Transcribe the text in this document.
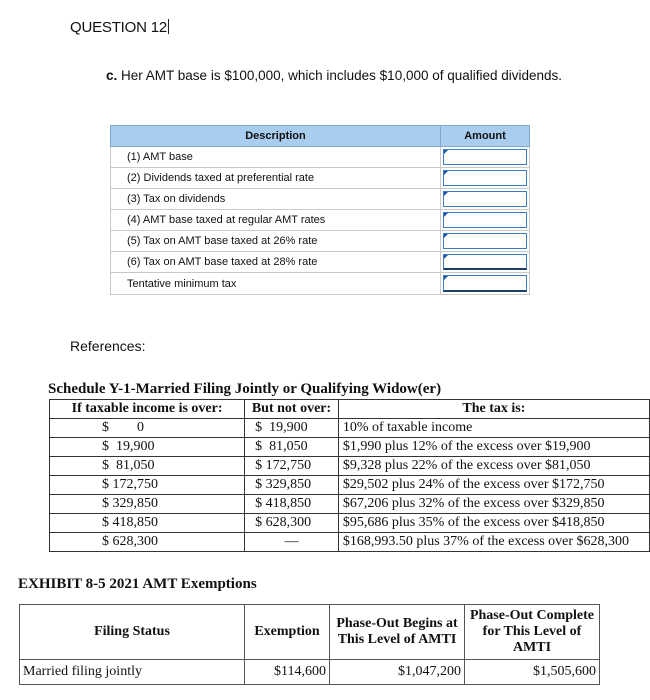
QUESTION 12
c. Her AMT base is $100,000, which includes $10,000 of qualified dividends.
Description	Amount
(1) AMT base	

(2) Dividends taxed at preferential rate	

(3) Tax on dividends	

(4) AMT base taxed at regular AMT rates	

(5) Tax on AMT base taxed at 26% rate	

(6) Tax on AMT base taxed at 28% rate	

Tentative minimum tax	
References:
Schedule Y-1-Married Filing Jointly or Qualifying Widow(er)
If taxable income is over:	But not over:	The tax is:
$        0	$  19,900	10% of taxable income
$  19,900	$  81,050	$1,990 plus 12% of the excess over $19,900
$  81,050	$ 172,750	$9,328 plus 22% of the excess over $81,050
$ 172,750	$ 329,850	$29,502 plus 24% of the excess over $172,750
$ 329,850	$ 418,850	$67,206 plus 32% of the excess over $329,850
$ 418,850	$ 628,300	$95,686 plus 35% of the excess over $418,850
$ 628,300	—	$168,993.50 plus 37% of the excess over $628,300
EXHIBIT 8-5 2021 AMT Exemptions
Filing Status	Exemption	Phase-Out Begins at This Level of AMTI	Phase-Out Complete for This Level of AMTI
Married filing jointly	$114,600	$1,047,200	$1,505,600
